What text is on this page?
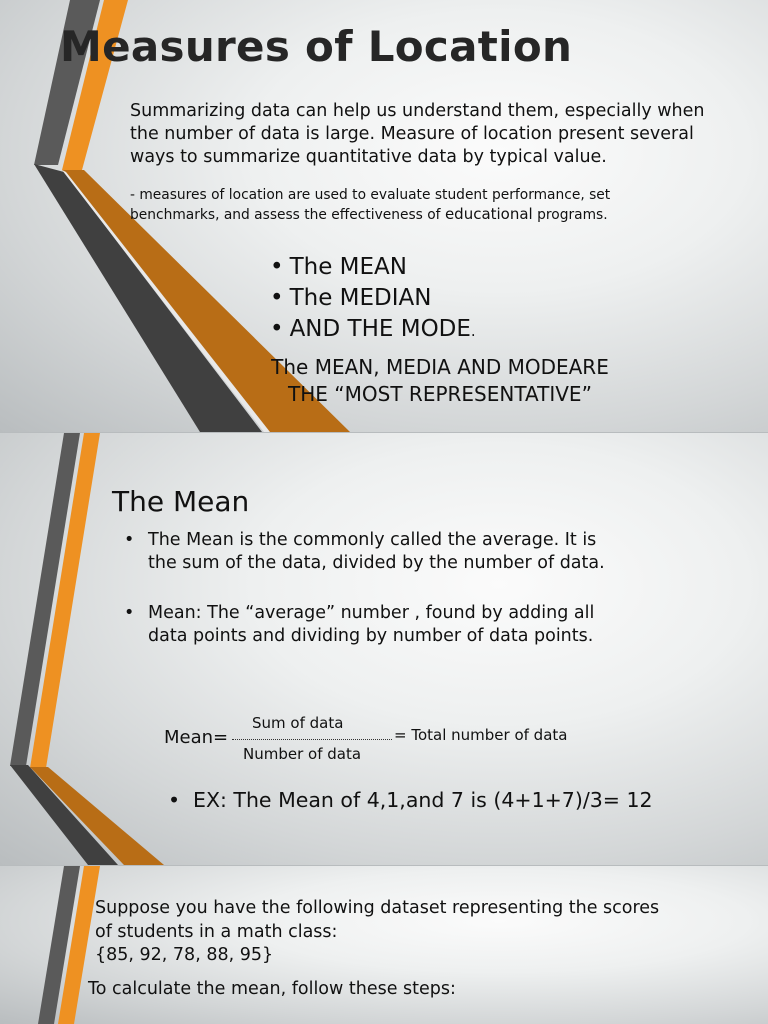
Measures of Location
Summarizing data can help us understand them, especially when the number of data is large. Measure of location present several ways to summarize quantitative data by typical value.
- measures of location are used to evaluate student performance, set benchmarks, and assess the effectiveness of educational programs.
• The MEAN
• The MEDIAN
• AND THE MODE.
The MEAN, MEDIA AND MODEARE
THE “MOST REPRESENTATIVE”
The Mean
• The Mean is the commonly called the average. It is the sum of the data, divided by the number of data.
• Mean: The “average” number , found by adding all data points and dividing by number of data points.
Mean=
Sum of data
Number of data
= Total number of data
• EX: The Mean of 4,1,and 7 is (4+1+7)/3= 12
Suppose you have the following dataset representing the scores of students in a math class:
{85, 92, 78, 88, 95}
To calculate the mean, follow these steps:
